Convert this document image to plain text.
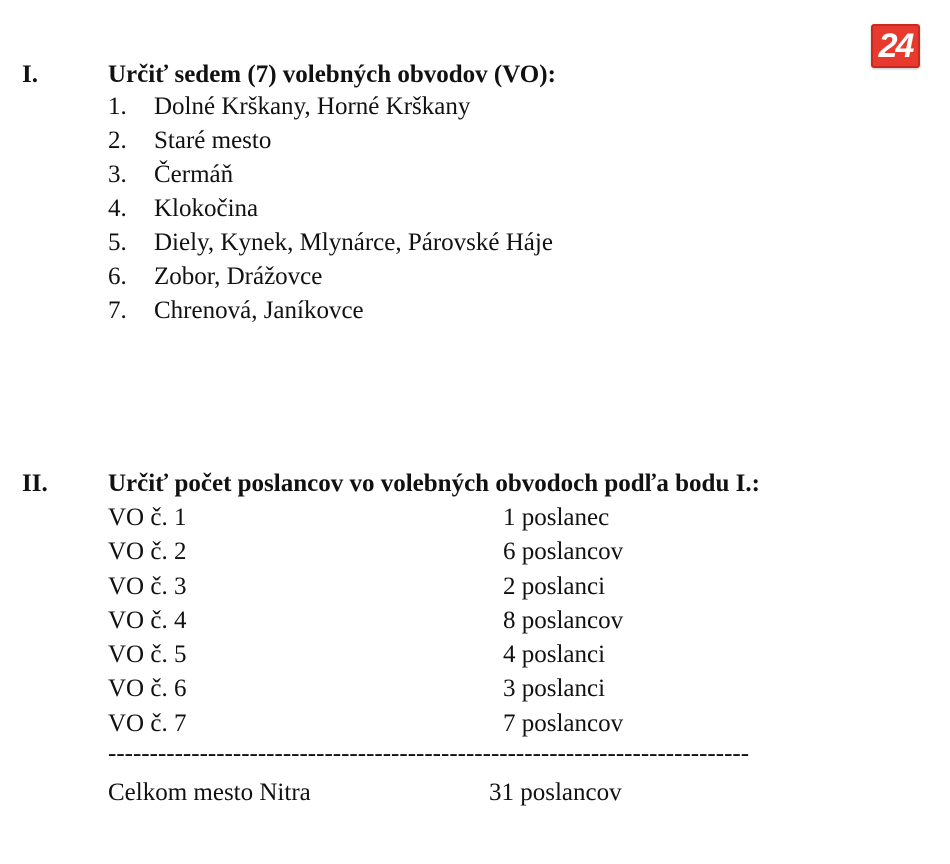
24
I.	Určiť sedem (7) volebných obvodov (VO):
1. Dolné Krškany, Horné Krškany
2. Staré mesto
3. Čermáň
4. Klokočina
5. Diely, Kynek, Mlynárce, Párovské Háje
6. Zobor, Drážovce
7. Chrenová, Janíkovce
II. Určiť počet poslancov vo volebných obvodoch podľa bodu I.:
VO č. 1	1 poslanec
VO č. 2	6 poslancov
VO č. 3	2 poslanci
VO č. 4	8 poslancov
VO č. 5	4 poslanci
VO č. 6	3 poslanci
VO č. 7	7 poslancov
-----------------------------------------------------------------------------
Celkom mesto Nitra	31 poslancov
